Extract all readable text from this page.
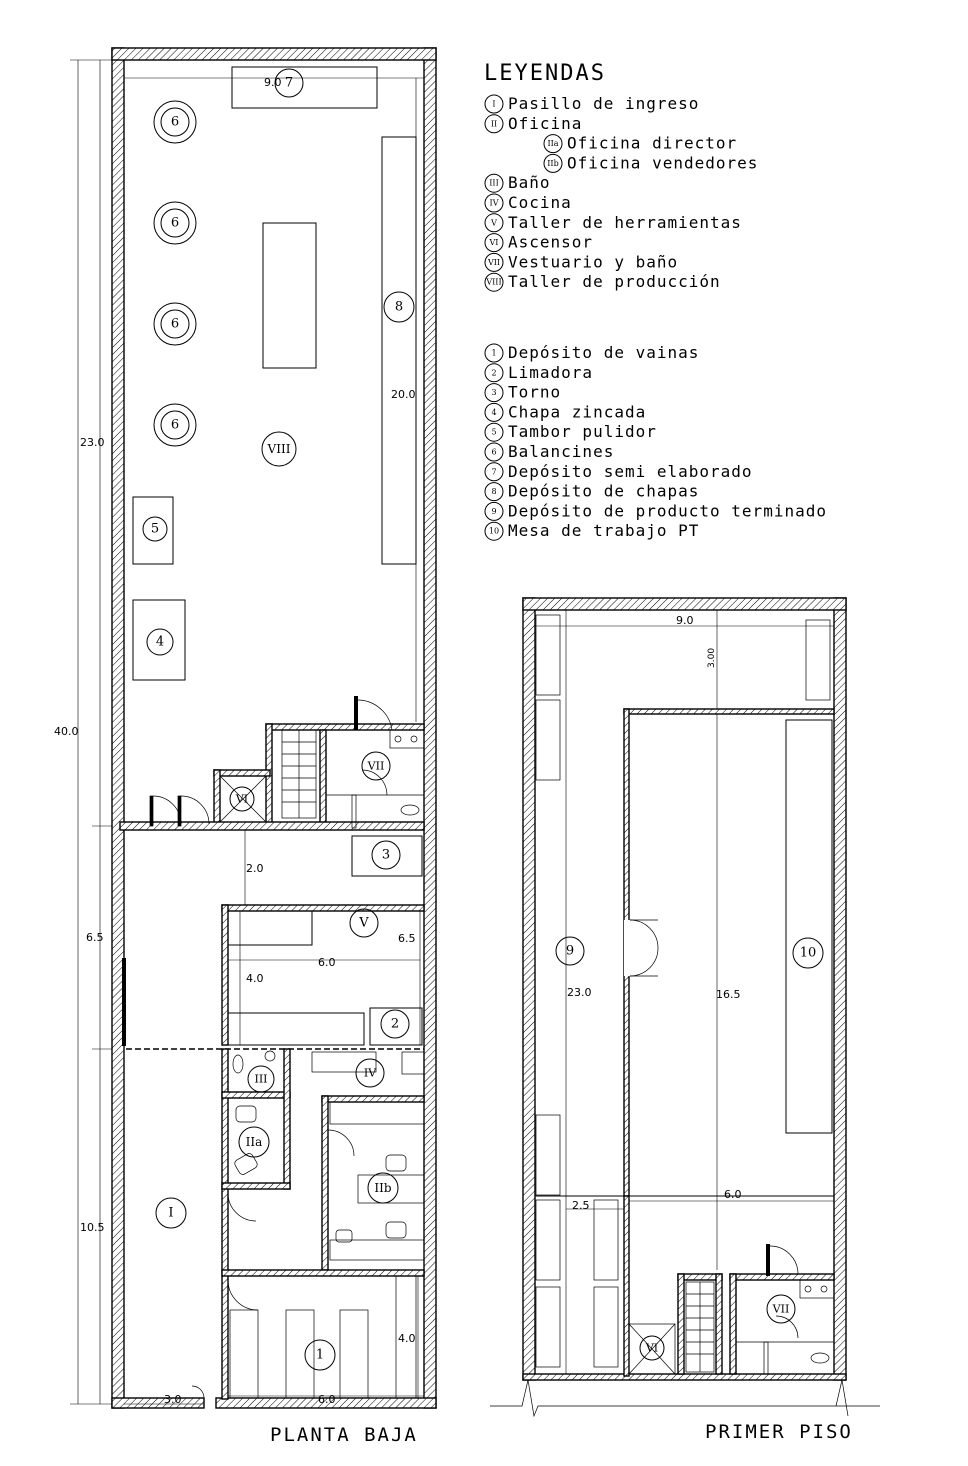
7
6
6
6
6
8
VIII
5
4
VI
VII
3
2
V
III	IV
IIa
IIb
I
1
40.0
23.0
6.5
10.5
9.0
20.0
2.0
6.5
6.0
4.0
3.0	6.0
4.0
PLANTA BAJA
10
9
VI
VII
9.0
3.00
23.0	16.5
6.0
2.5
PRIMER PISO
LEYENDAS
I Pasillo de ingreso
II Oficina
IIa Oficina director
IIb Oficina vendedores
III Baño
IV Cocina
V Taller de herramientas
VI Ascensor
VII Vestuario y baño
VIII Taller de producción
1 Depósito de vainas
2 Limadora
3 Torno
4 Chapa zincada
5 Tambor pulidor
6 Balancines
7 Depósito semi elaborado
8 Depósito de chapas
9 Depósito de producto terminado
10 Mesa de trabajo PT
